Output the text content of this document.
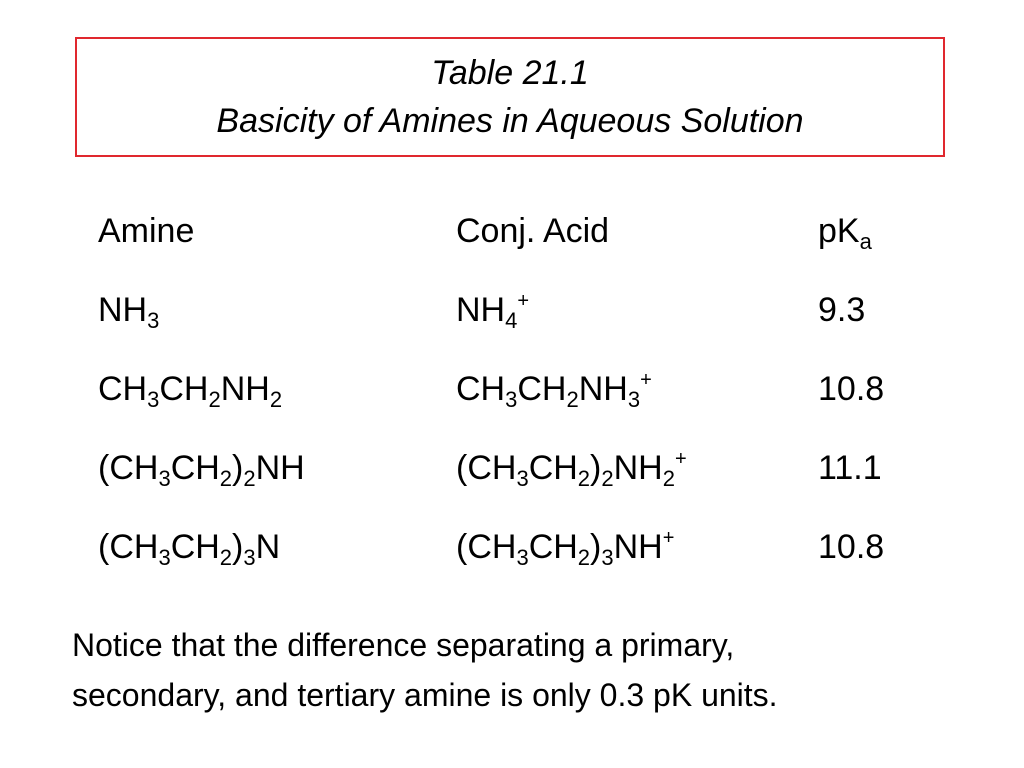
Table 21.1
Basicity of Amines in Aqueous Solution
Amine	Conj. Acid	$pK_a$
$NH_3$	$NH_4^+$	9.3
$CH_3CH_2NH_2$	$CH_3CH_2NH_3^+$	10.8
$(CH_3CH_2)_2NH$	$(CH_3CH_2)_2NH_2^+$	11.1
$(CH_3CH_2)_3N$	$(CH_3CH_2)_3NH^+$	10.8
Notice that the difference separating a primary,
secondary, and tertiary amine is only 0.3 pK units.
